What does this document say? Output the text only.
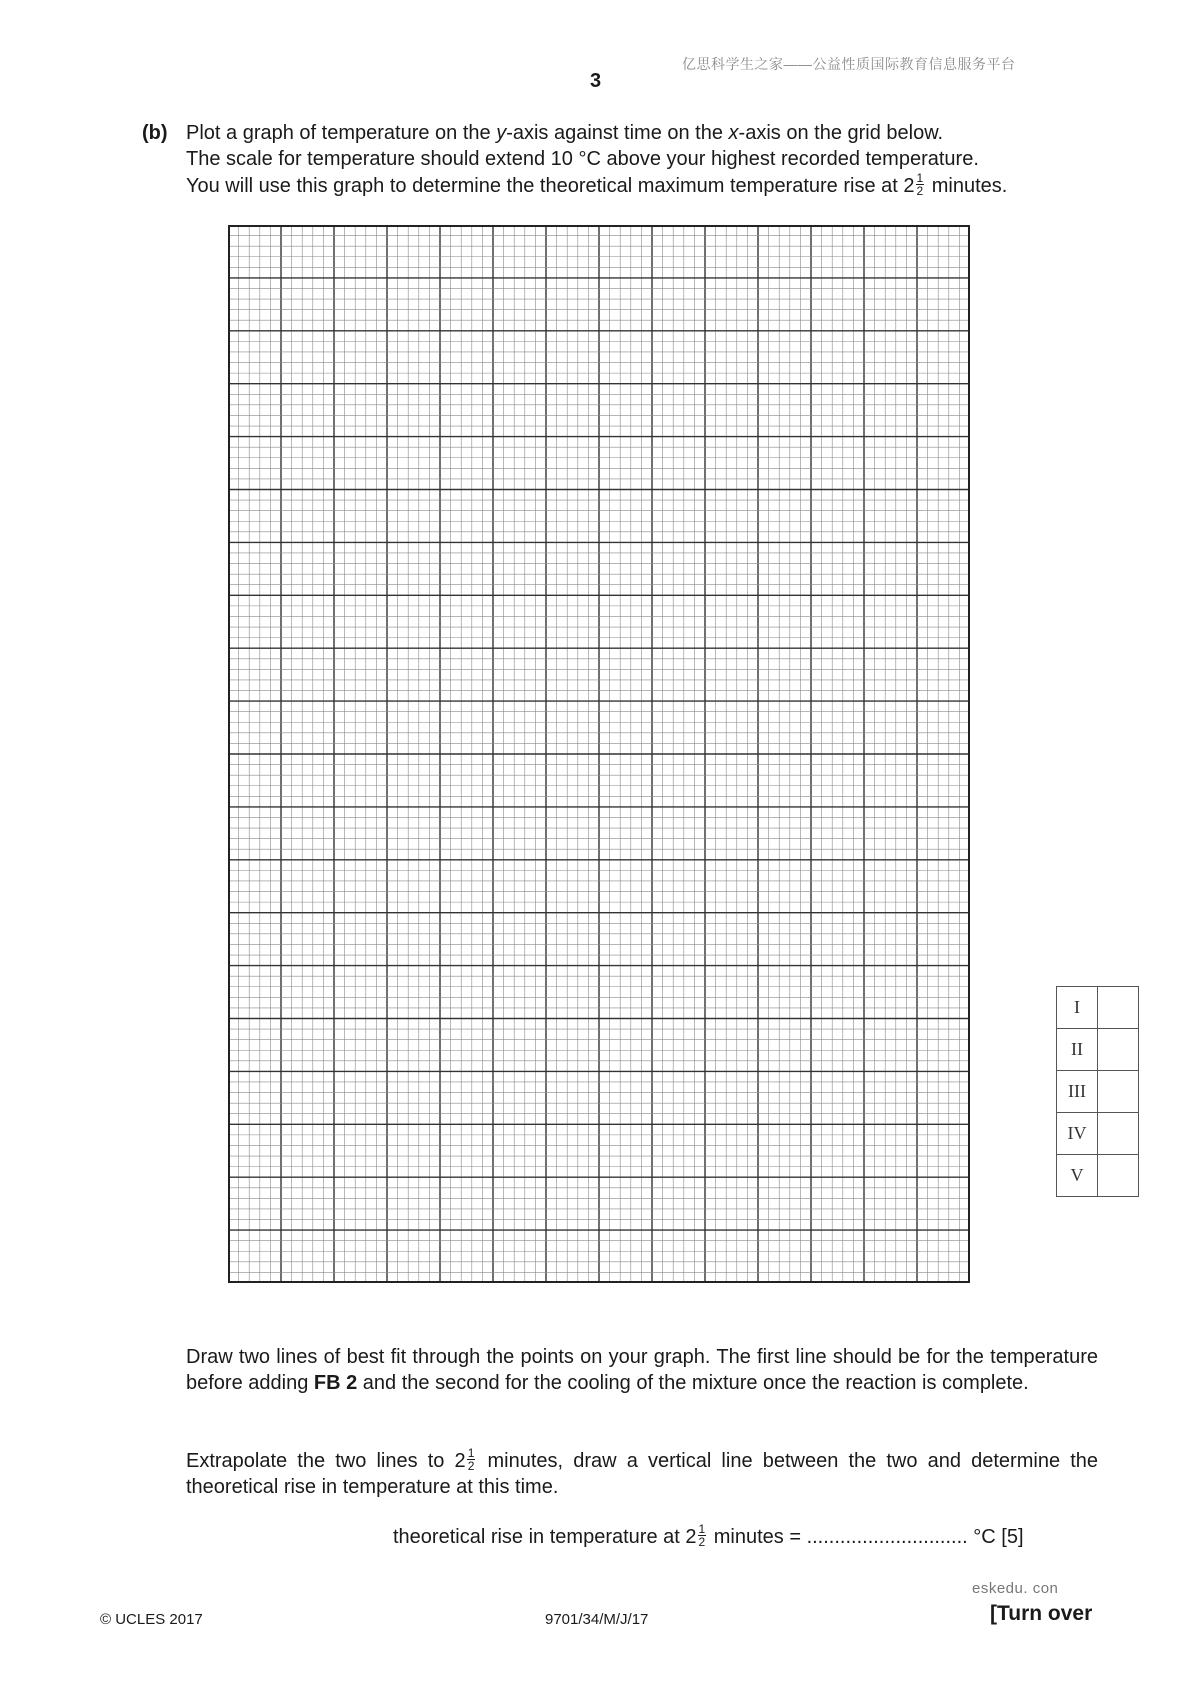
亿思科学生之家——公益性质国际教育信息服务平台
3
(b) Plot a graph of temperature on the y-axis against time on the x-axis on the grid below.
The scale for temperature should extend 10 °C above your highest recorded temperature.
You will use this graph to determine the theoretical maximum temperature rise at $2 \frac{1}{2}$ minutes.
I	
II	
III	
IV	
V	
Draw two lines of best fit through the points on your graph. The first line should be for the temperature before adding FB 2 and the second for the cooling of the mixture once the reaction is complete.
Extrapolate the two lines to $2 \frac{1}{2}$ minutes, draw a vertical line between the two and determine the theoretical rise in temperature at this time.
theoretical rise in temperature at $2 \frac{1}{2}$ minutes = ............................. °C [5]
eskedu. con
© UCLES 2017	9701/34/M/J/17	[Turn over
